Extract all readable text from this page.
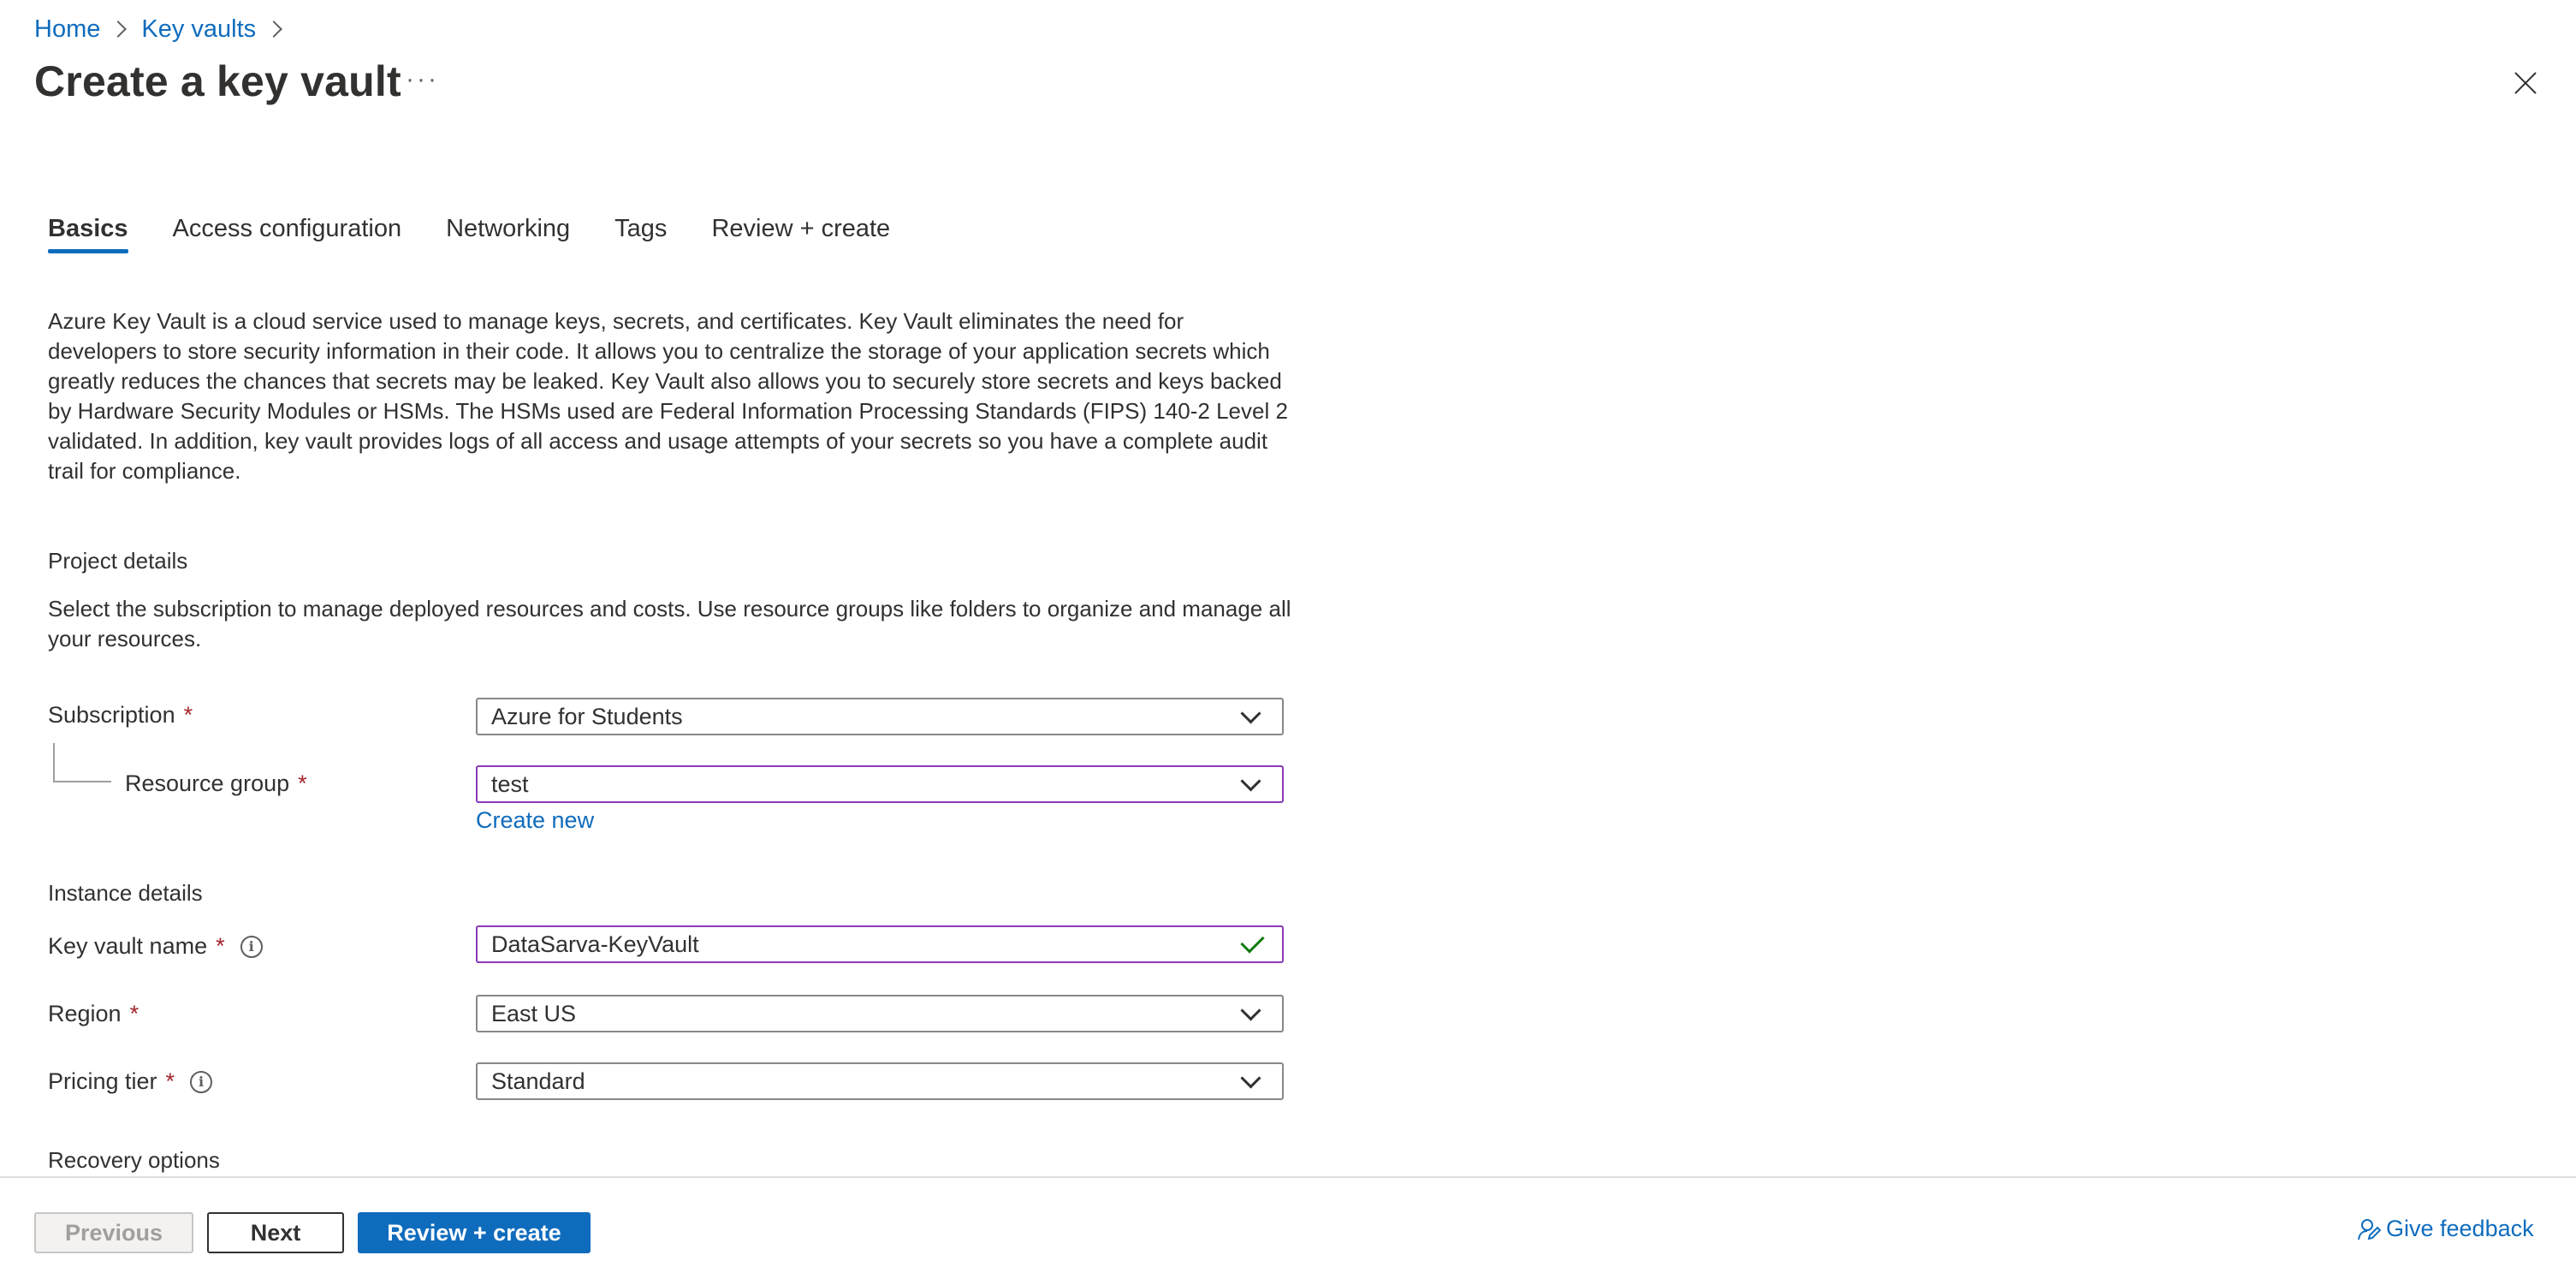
Home Key vaults
Create a key vault ···
Basics Access configuration Networking Tags Review + create
Azure Key Vault is a cloud service used to manage keys, secrets, and certificates. Key Vault eliminates the need for developers to store security information in their code. It allows you to centralize the storage of your application secrets which greatly reduces the chances that secrets may be leaked. Key Vault also allows you to securely store secrets and keys backed by Hardware Security Modules or HSMs. The HSMs used are Federal Information Processing Standards (FIPS) 140-2 Level 2 validated. In addition, key vault provides logs of all access and usage attempts of your secrets so you have a complete audit trail for compliance.
Project details
Select the subscription to manage deployed resources and costs. Use resource groups like folders to organize and manage all your resources.
Subscription *	Azure for Students
Resource group *	test
Create new
Instance details
Key vault name *	i	DataSarva-KeyVault
Region *	East US
Pricing tier *	i	Standard
Recovery options
Previous	Next	Review + create	Give feedback
